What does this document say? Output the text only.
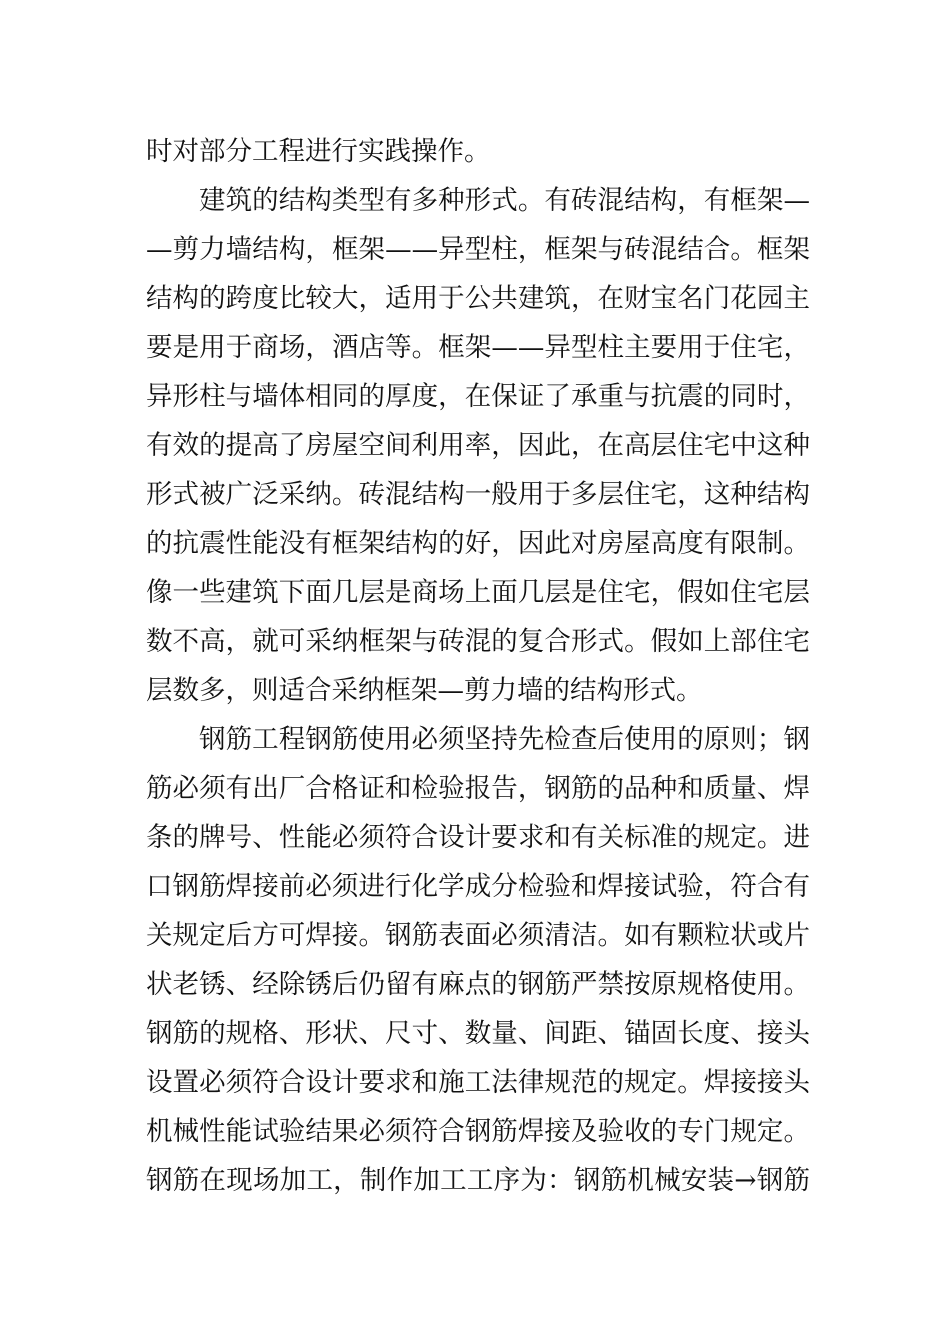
时对部分工程进行实践操作。
建筑的结构类型有多种形式。有砖混结构，有框架—
—剪力墙结构，框架——异型柱，框架与砖混结合。框架
结构的跨度比较大，适用于公共建筑，在财宝名门花园主
要是用于商场，酒店等。框架——异型柱主要用于住宅，
异形柱与墙体相同的厚度，在保证了承重与抗震的同时，
有效的提高了房屋空间利用率，因此，在高层住宅中这种
形式被广泛采纳。砖混结构一般用于多层住宅，这种结构
的抗震性能没有框架结构的好，因此对房屋高度有限制。
像一些建筑下面几层是商场上面几层是住宅，假如住宅层
数不高，就可采纳框架与砖混的复合形式。假如上部住宅
层数多，则适合采纳框架—剪力墙的结构形式。
钢筋工程钢筋使用必须坚持先检查后使用的原则；钢
筋必须有出厂合格证和检验报告，钢筋的品种和质量、焊
条的牌号、性能必须符合设计要求和有关标准的规定。进
口钢筋焊接前必须进行化学成分检验和焊接试验，符合有
关规定后方可焊接。钢筋表面必须清洁。如有颗粒状或片
状老锈、经除锈后仍留有麻点的钢筋严禁按原规格使用。
钢筋的规格、形状、尺寸、数量、间距、锚固长度、接头
设置必须符合设计要求和施工法律规范的规定。焊接接头
机械性能试验结果必须符合钢筋焊接及验收的专门规定。
钢筋在现场加工，制作加工工序为：钢筋机械安装→钢筋
